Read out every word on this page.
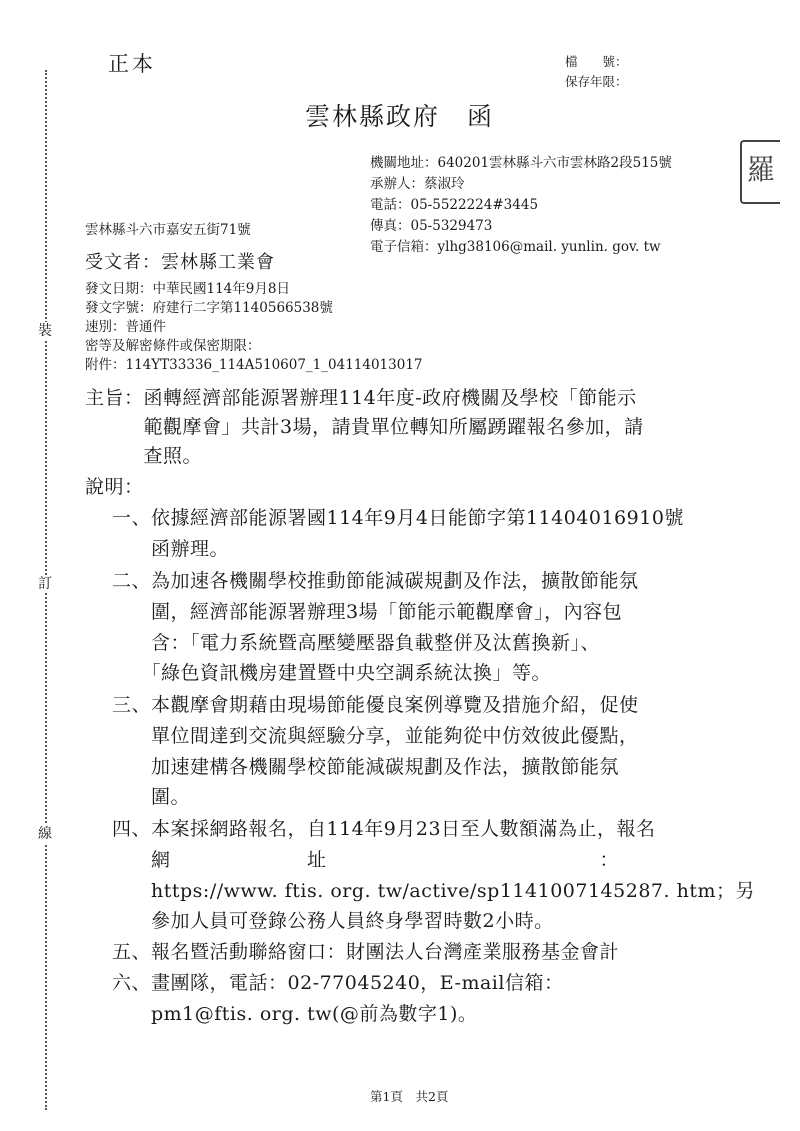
裝
訂
線
羅
正本	檔　　號：
保存年限：
雲林縣政府　函
機關地址：640201雲林縣斗六市雲林路2段515號
承辦人：蔡淑玲
電話：05-5522224#3445
傳真：05-5329473
電子信箱：ylhg38106@mail. yunlin. gov. tw
雲林縣斗六市嘉安五街71號
受文者：雲林縣工業會
發文日期：中華民國114年9月8日
發文字號：府建行二字第1140566538號
速別：普通件
密等及解密條件或保密期限：
附件：114YT33336_114A510607_1_04114013017
主旨：函轉經濟部能源署辦理114年度-政府機關及學校「節能示
　　　範觀摩會」共計3場，請貴單位轉知所屬踴躍報名參加，請
　　　查照。
說明：
一、依據經濟部能源署國114年9月4日能節字第11404016910號
　　函辦理。
二、為加速各機關學校推動節能減碳規劃及作法，擴散節能氛
　　圍，經濟部能源署辦理3場「節能示範觀摩會」，內容包
　　含：「電力系統暨高壓變壓器負載整併及汰舊換新」、
　　「綠色資訊機房建置暨中央空調系統汰換」等。
三、本觀摩會期藉由現場節能優良案例導覽及措施介紹，促使
　　單位間達到交流與經驗分享，並能夠從中仿效彼此優點，
　　加速建構各機關學校節能減碳規劃及作法，擴散節能氛
　　圍。
四、本案採網路報名，自114年9月23日至人數額滿為止，報名
　　網　　　　　　　址　　　　　　　　　　　　　　：
　　https://www. ftis. org. tw/active/sp1141007145287. htm；另
　　參加人員可登錄公務人員終身學習時數2小時。
五、報名暨活動聯絡窗口：財團法人台灣產業服務基金會計
六、畫團隊，電話：02-77045240，E-mail信箱：
　　pm1@ftis. org. tw(@前為數字1)。
第1頁　共2頁
